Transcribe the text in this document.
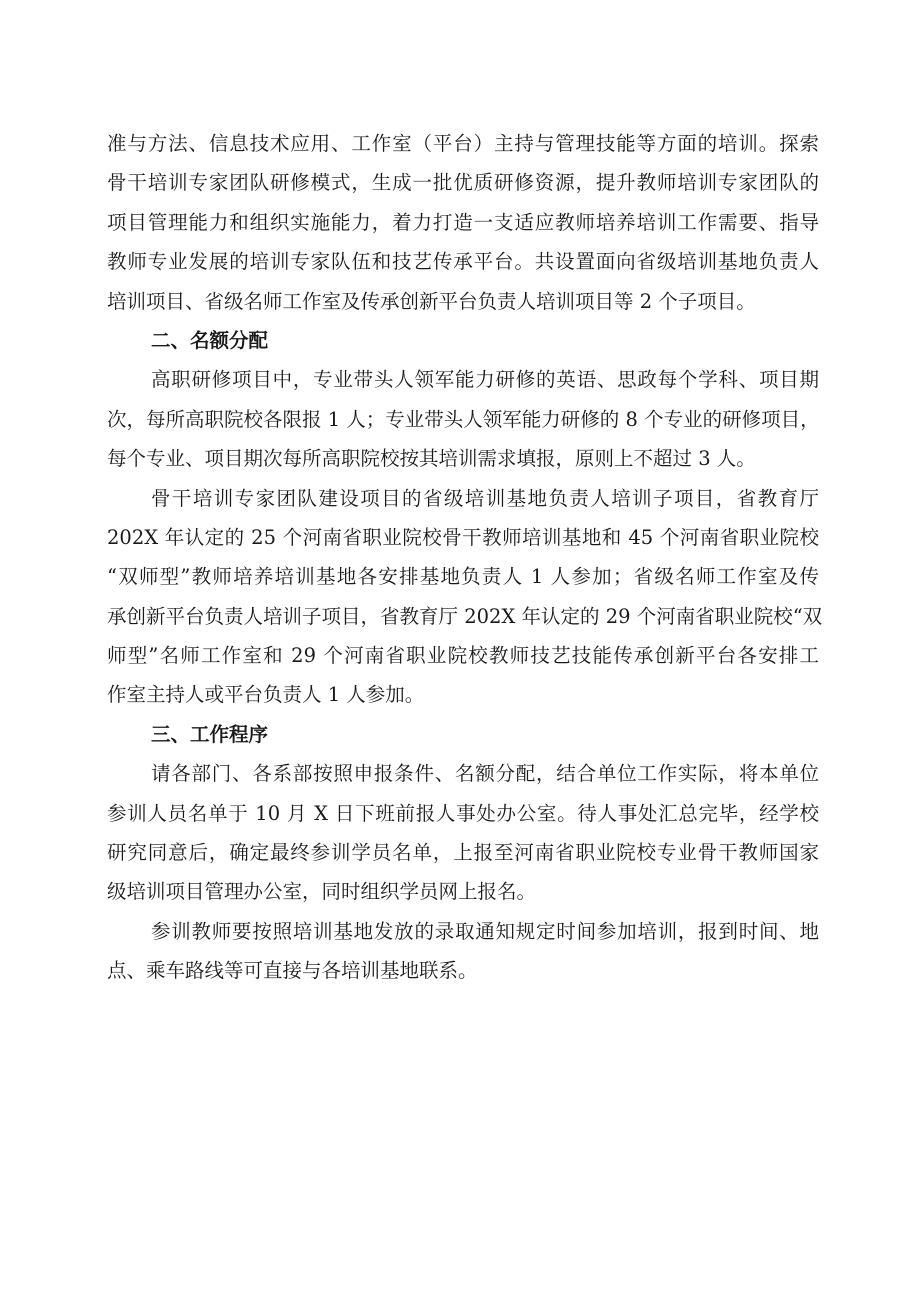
准与方法、信息技术应用、工作室（平台）主持与管理技能等方面的培训。探索
骨干培训专家团队研修模式，生成一批优质研修资源，提升教师培训专家团队的
项目管理能力和组织实施能力，着力打造一支适应教师培养培训工作需要、指导
教师专业发展的培训专家队伍和技艺传承平台。共设置面向省级培训基地负责人
培训项目、省级名师工作室及传承创新平台负责人培训项目等 2 个子项目。
二、名额分配
高职研修项目中，专业带头人领军能力研修的英语、思政每个学科、项目期
次，每所高职院校各限报 1 人；专业带头人领军能力研修的 8 个专业的研修项目，
每个专业、项目期次每所高职院校按其培训需求填报，原则上不超过 3 人。
骨干培训专家团队建设项目的省级培训基地负责人培训子项目，省教育厅
202X 年认定的 25 个河南省职业院校骨干教师培训基地和 45 个河南省职业院校
“双师型”教师培养培训基地各安排基地负责人 1 人参加；省级名师工作室及传
承创新平台负责人培训子项目，省教育厅 202X 年认定的 29 个河南省职业院校“双
师型”名师工作室和 29 个河南省职业院校教师技艺技能传承创新平台各安排工
作室主持人或平台负责人 1 人参加。
三、工作程序
请各部门、各系部按照申报条件、名额分配，结合单位工作实际，将本单位
参训人员名单于 10 月 X 日下班前报人事处办公室。待人事处汇总完毕，经学校
研究同意后，确定最终参训学员名单，上报至河南省职业院校专业骨干教师国家
级培训项目管理办公室，同时组织学员网上报名。
参训教师要按照培训基地发放的录取通知规定时间参加培训，报到时间、地
点、乘车路线等可直接与各培训基地联系。
